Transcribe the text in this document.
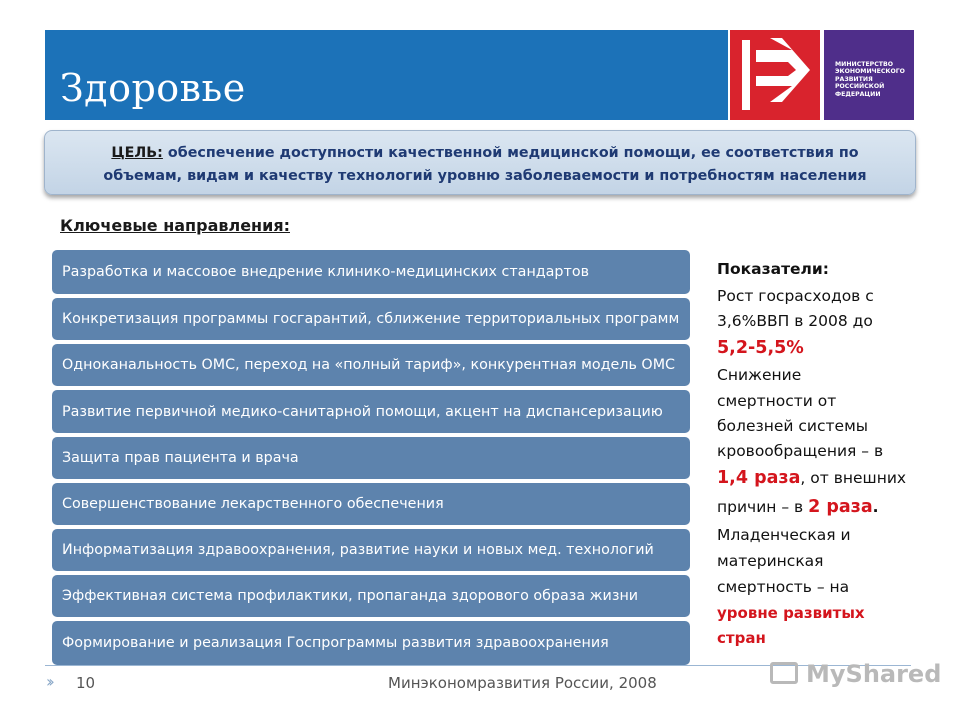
Здоровье
МИНИСТЕРСТВО
ЭКОНОМИЧЕСКОГО
РАЗВИТИЯ
РОССИЙСКОЙ
ФЕДЕРАЦИИ
ЦЕЛЬ: обеспечение доступности качественной медицинской помощи, ее соответствия по объемам, видам и качеству технологий уровню заболеваемости и потребностям населения
Ключевые направления:
Разработка и массовое внедрение клинико-медицинских стандартов
Конкретизация программы госгарантий, сближение территориальных программ
Одноканальность ОМС, переход на «полный тариф», конкурентная модель ОМС
Развитие первичной медико-санитарной помощи, акцент на диспансеризацию
Защита прав пациента и врача
Совершенствование лекарственного обеспечения
Информатизация здравоохранения, развитие науки и новых мед. технологий
Эффективная система профилактики, пропаганда здорового образа жизни
Формирование и реализация Госпрограммы развития здравоохранения
Показатели:
Рост госрасходов с
3,6%ВВП в 2008 до
5,2-5,5%
Снижение
смертности от
болезней системы
кровообращения – в
1,4 раза, от внешних
причин – в 2 раза.
Младенческая и
материнская
смертность – на
уровне развитых
стран
›› 10	Минэкономразвития России, 2008	MyShared
